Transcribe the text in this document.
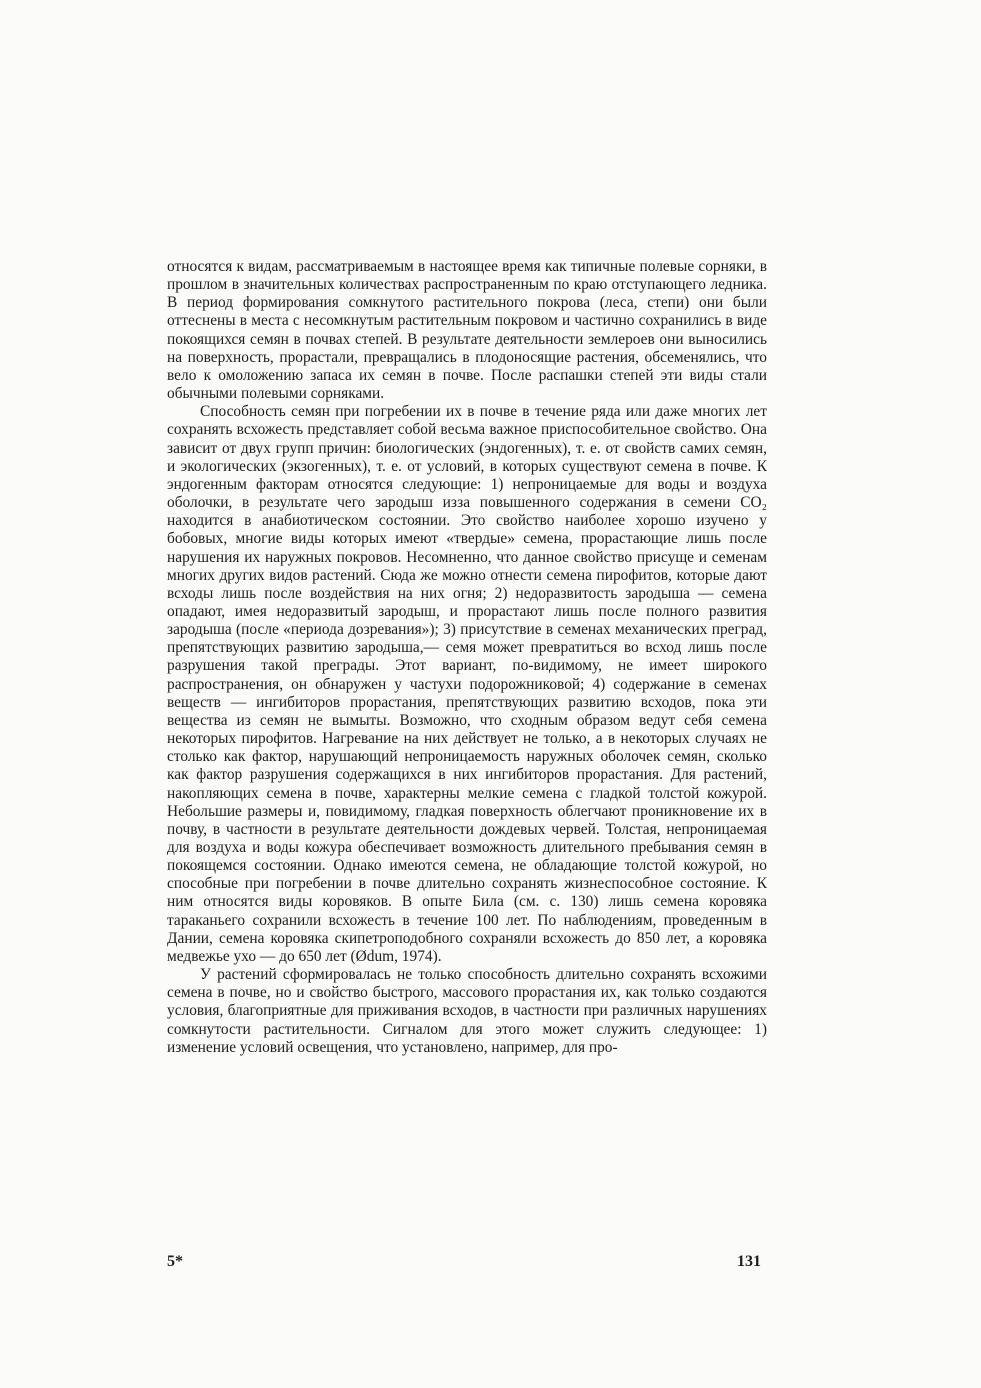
относятся к видам, рассматриваемым в настоящее время как типичные полевые сорняки, в прошлом в значительных количествах распространенным по краю отступающего ледника. В период формирования сомкнутого растительного покрова (леса, степи) они были оттеснены в места с несомкнутым растительным покровом и частично сохранились в виде покоящихся семян в почвах степей. В результате деятельности землероев они выносились на поверхность, прорастали, превращались в плодоносящие растения, обсеменялись, что вело к омоложению запаса их семян в почве. После распашки степей эти виды стали обычными полевыми сорняками.

Способность семян при погребении их в почве в течение ряда или даже многих лет сохранять всхожесть представляет собой весьма важное приспособительное свойство. Она зависит от двух групп причин: биологических (эндогенных), т. е. от свойств самих семян, и экологических (экзогенных), т. е. от условий, в которых существуют семена в почве. К эндогенным факторам относятся следующие: 1) непроницаемые для воды и воздуха оболочки, в результате чего зародыш изза повышенного содержания в семени CO₂ находится в анабиотическом состоянии. Это свойство наиболее хорошо изучено у бобовых, многие виды которых имеют «твердые» семена, прорастающие лишь после нарушения их наружных покровов. Несомненно, что данное свойство присуще и семенам многих других видов растений. Сюда же можно отнести семена пирофитов, которые дают всходы лишь после воздействия на них огня; 2) недоразвитость зародыша — семена опадают, имея недоразвитый зародыш, и прорастают лишь после полного развития зародыша (после «периода дозревания»); 3) присутствие в семенах механических преград, препятствующих развитию зародыша,— семя может превратиться во всход лишь после разрушения такой преграды. Этот вариант, по-видимому, не имеет широкого распространения, он обнаружен у частухи подорожниковой; 4) содержание в семенах веществ — ингибиторов прорастания, препятствующих развитию всходов, пока эти вещества из семян не вымыты. Возможно, что сходным образом ведут себя семена некоторых пирофитов. Нагревание на них действует не только, а в некоторых случаях не столько как фактор, нарушающий непроницаемость наружных оболочек семян, сколько как фактор разрушения содержащихся в них ингибиторов прорастания. Для растений, накопляющих семена в почве, характерны мелкие семена с гладкой толстой кожурой. Небольшие размеры и, повидимому, гладкая поверхность облегчают проникновение их в почву, в частности в результате деятельности дождевых червей. Толстая, непроницаемая для воздуха и воды кожура обеспечивает возможность длительного пребывания семян в покоящемся состоянии. Однако имеются семена, не обладающие толстой кожурой, но способные при погребении в почве длительно сохранять жизнеспособное состояние. К ним относятся виды коровяков. В опыте Била (см. с. 130) лишь семена коровяка тараканьего сохранили всхожесть в течение 100 лет. По наблюдениям, проведенным в Дании, семена коровяка скипетроподобного сохраняли всхожесть до 850 лет, а коровяка медвежье ухо — до 650 лет (Ødum, 1974).

У растений сформировалась не только способность длительно сохранять всхожими семена в почве, но и свойство быстрого, массового прорастания их, как только создаются условия, благоприятные для приживания всходов, в частности при различных нарушениях сомкнутости растительности. Сигналом для этого может служить следующее: 1) изменение условий освещения, что установлено, например, для про-

5*	131
